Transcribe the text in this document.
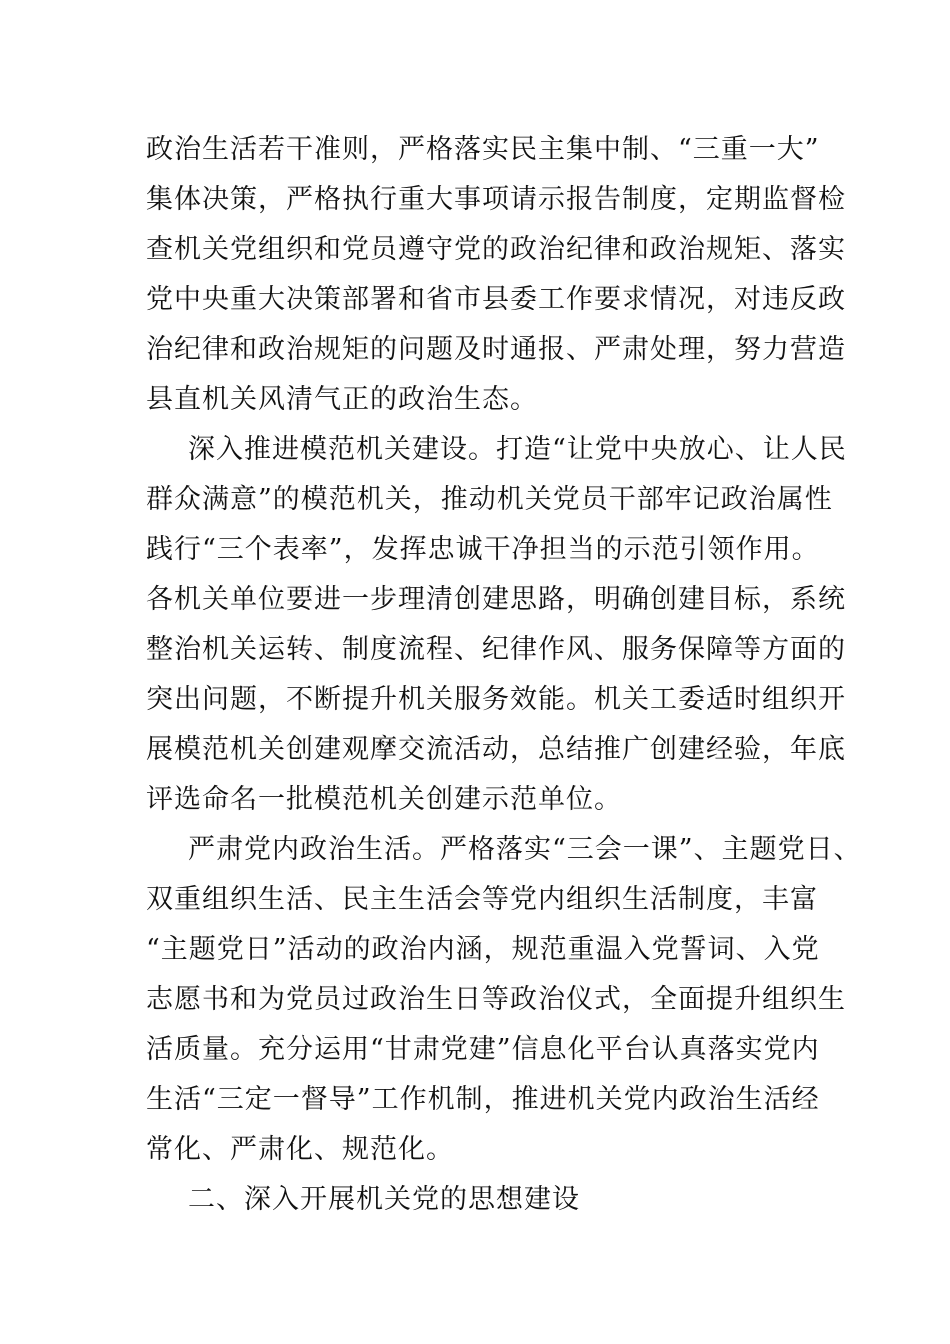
政治生活若干准则，严格落实民主集中制、“三重一大”
集体决策，严格执行重大事项请示报告制度，定期监督检
查机关党组织和党员遵守党的政治纪律和政治规矩、落实
党中央重大决策部署和省市县委工作要求情况，对违反政
治纪律和政治规矩的问题及时通报、严肃处理，努力营造
县直机关风清气正的政治生态。
深入推进模范机关建设。打造“让党中央放心、让人民
群众满意”的模范机关，推动机关党员干部牢记政治属性
践行“三个表率”，发挥忠诚干净担当的示范引领作用。
各机关单位要进一步理清创建思路，明确创建目标，系统
整治机关运转、制度流程、纪律作风、服务保障等方面的
突出问题，不断提升机关服务效能。机关工委适时组织开
展模范机关创建观摩交流活动，总结推广创建经验，年底
评选命名一批模范机关创建示范单位。
严肃党内政治生活。严格落实“三会一课”、主题党日、
双重组织生活、民主生活会等党内组织生活制度，丰富
“主题党日”活动的政治内涵，规范重温入党誓词、入党
志愿书和为党员过政治生日等政治仪式，全面提升组织生
活质量。充分运用“甘肃党建”信息化平台认真落实党内
生活“三定一督导”工作机制，推进机关党内政治生活经
常化、严肃化、规范化。
二、深入开展机关党的思想建设
